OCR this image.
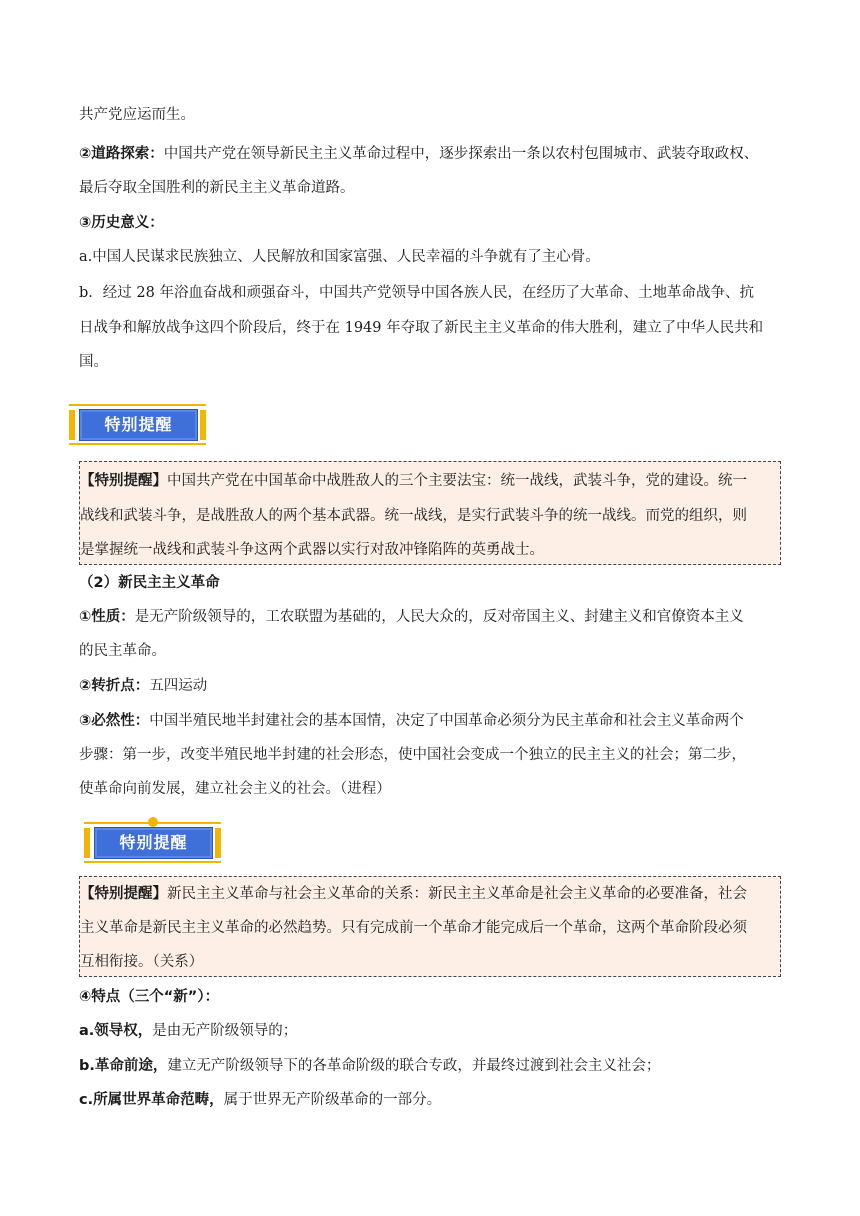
共产党应运而生。
②道路探索：中国共产党在领导新民主主义革命过程中，逐步探索出一条以农村包围城市、武装夺取政权、
最后夺取全国胜利的新民主主义革命道路。
③历史意义：
a.中国人民谋求民族独立、人民解放和国家富强、人民幸福的斗争就有了主心骨。
b．经过 28 年浴血奋战和顽强奋斗，中国共产党领导中国各族人民，在经历了大革命、土地革命战争、抗
日战争和解放战争这四个阶段后，终于在 1949 年夺取了新民主主义革命的伟大胜利，建立了中华人民共和
国。
特别提醒
【特别提醒】中国共产党在中国革命中战胜敌人的三个主要法宝：统一战线，武装斗争，党的建设。统一
战线和武装斗争，是战胜敌人的两个基本武器。统一战线，是实行武装斗争的统一战线。而党的组织，则
是掌握统一战线和武装斗争这两个武器以实行对敌冲锋陷阵的英勇战士。
（2）新民主主义革命
①性质：是无产阶级领导的，工农联盟为基础的，人民大众的，反对帝国主义、封建主义和官僚资本主义
的民主革命。
②转折点：五四运动
③必然性：中国半殖民地半封建社会的基本国情，决定了中国革命必须分为民主革命和社会主义革命两个
步骤：第一步，改变半殖民地半封建的社会形态，使中国社会变成一个独立的民主主义的社会；第二步，
使革命向前发展，建立社会主义的社会。（进程）
特别提醒
【特别提醒】新民主主义革命与社会主义革命的关系：新民主主义革命是社会主义革命的必要准备，社会
主义革命是新民主主义革命的必然趋势。只有完成前一个革命才能完成后一个革命，这两个革命阶段必须
互相衔接。（关系）
④特点（三个“新”）：
a.领导权，是由无产阶级领导的；
b.革命前途，建立无产阶级领导下的各革命阶级的联合专政，并最终过渡到社会主义社会；
c.所属世界革命范畴，属于世界无产阶级革命的一部分。
